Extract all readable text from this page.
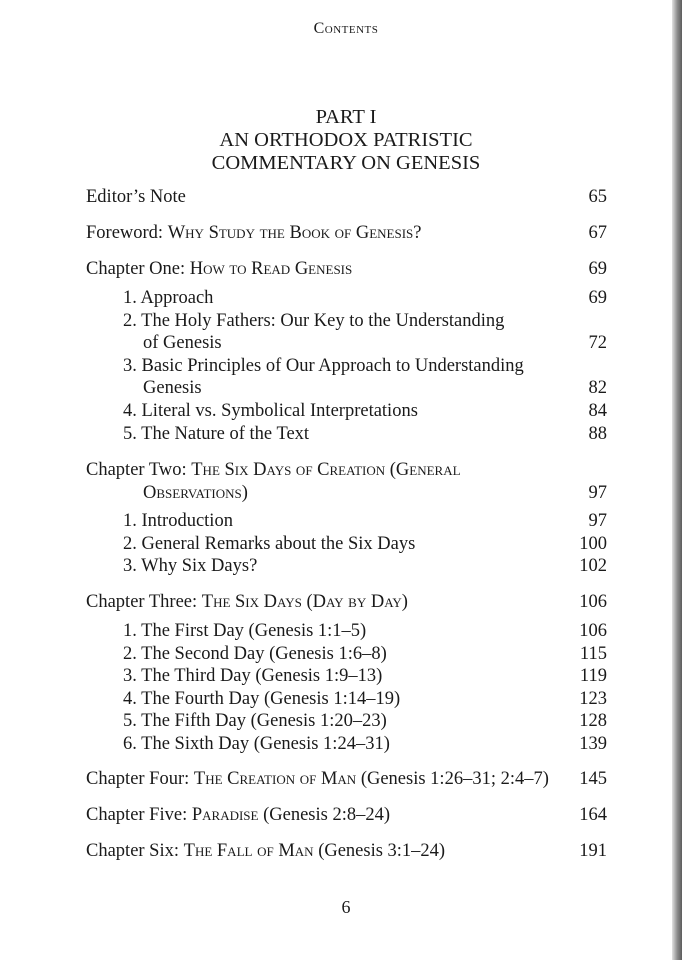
Contents
PART I
AN ORTHODOX PATRISTIC
COMMENTARY ON GENESIS
Editor’s Note	65
Foreword: Why Study the Book of Genesis?	67
Chapter One: How to Read Genesis	69
1. Approach	69
2. The Holy Fathers: Our Key to the Understanding
of Genesis	72
3. Basic Principles of Our Approach to Understanding
Genesis	82
4. Literal vs. Symbolical Interpretations	84
5. The Nature of the Text	88
Chapter Two: The Six Days of Creation (General
Observations)	97
1. Introduction	97
2. General Remarks about the Six Days	100
3. Why Six Days?	102
Chapter Three: The Six Days (Day by Day)	106
1. The First Day (Genesis 1:1–5)	106
2. The Second Day (Genesis 1:6–8)	115
3. The Third Day (Genesis 1:9–13)	119
4. The Fourth Day (Genesis 1:14–19)	123
5. The Fifth Day (Genesis 1:20–23)	128
6. The Sixth Day (Genesis 1:24–31)	139
Chapter Four: The Creation of Man (Genesis 1:26–31; 2:4–7) 145
Chapter Five: Paradise (Genesis 2:8–24)	164
Chapter Six: The Fall of Man (Genesis 3:1–24)	191
6
